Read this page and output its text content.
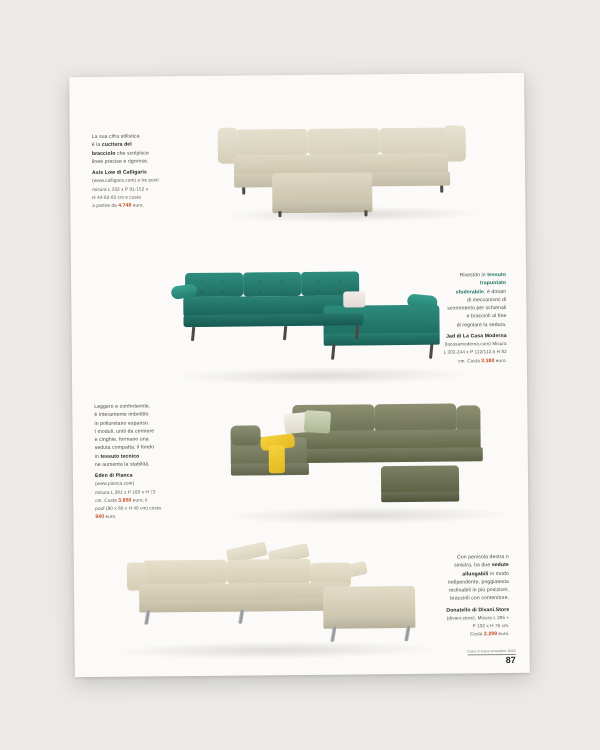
La sua cifra stilistica
è la cucitura del
bracciolo che scolpisce
linee precise e rigorose.
Axis Low di Calligaris
(www.calligaris.com) a tre posti
misura L 332 x P 91-152 x
H 44-62-83 cm e costa
a partire da 4.748 euro.
Rivestito in tessuto
trapuntato
sfoderabile, è dotato
di meccanismi di
scorrimento per schienali
e braccioli al fine
di regolare la seduta.
Jad di La Casa Moderna
(lacasamoderna.com) Misura
L 302-244 x P 112/112,5 H 82
cm. Costa 3.380 euro.
Leggero e confortevole,
è interamente imbottito
in poliuretano espanso.
I moduli, uniti da cerniere
e cinghie, formano una
seduta compatta; il fondo
in tessuto tecnico
ne aumenta la stabilità.
Eden di Pianca
(www.pianca.com)
misura L 281 x P 160 x H 73
cm. Costa 3.850 euro; il
pouf (80 x 80 x H 40 cm) costa
940 euro.
Con penisola destra o
sinistra, ha due sedute
allungabili in modo
indipendente, poggiatesta
reclinabili in più posizioni,
braccioli con contenitore.
Donatello di Divani.Store
(divani.store). Misura L 285 +
P 102 x H 76 cm.
Costa 2.299 euro.
Casa in Casa novembre 2023
87
